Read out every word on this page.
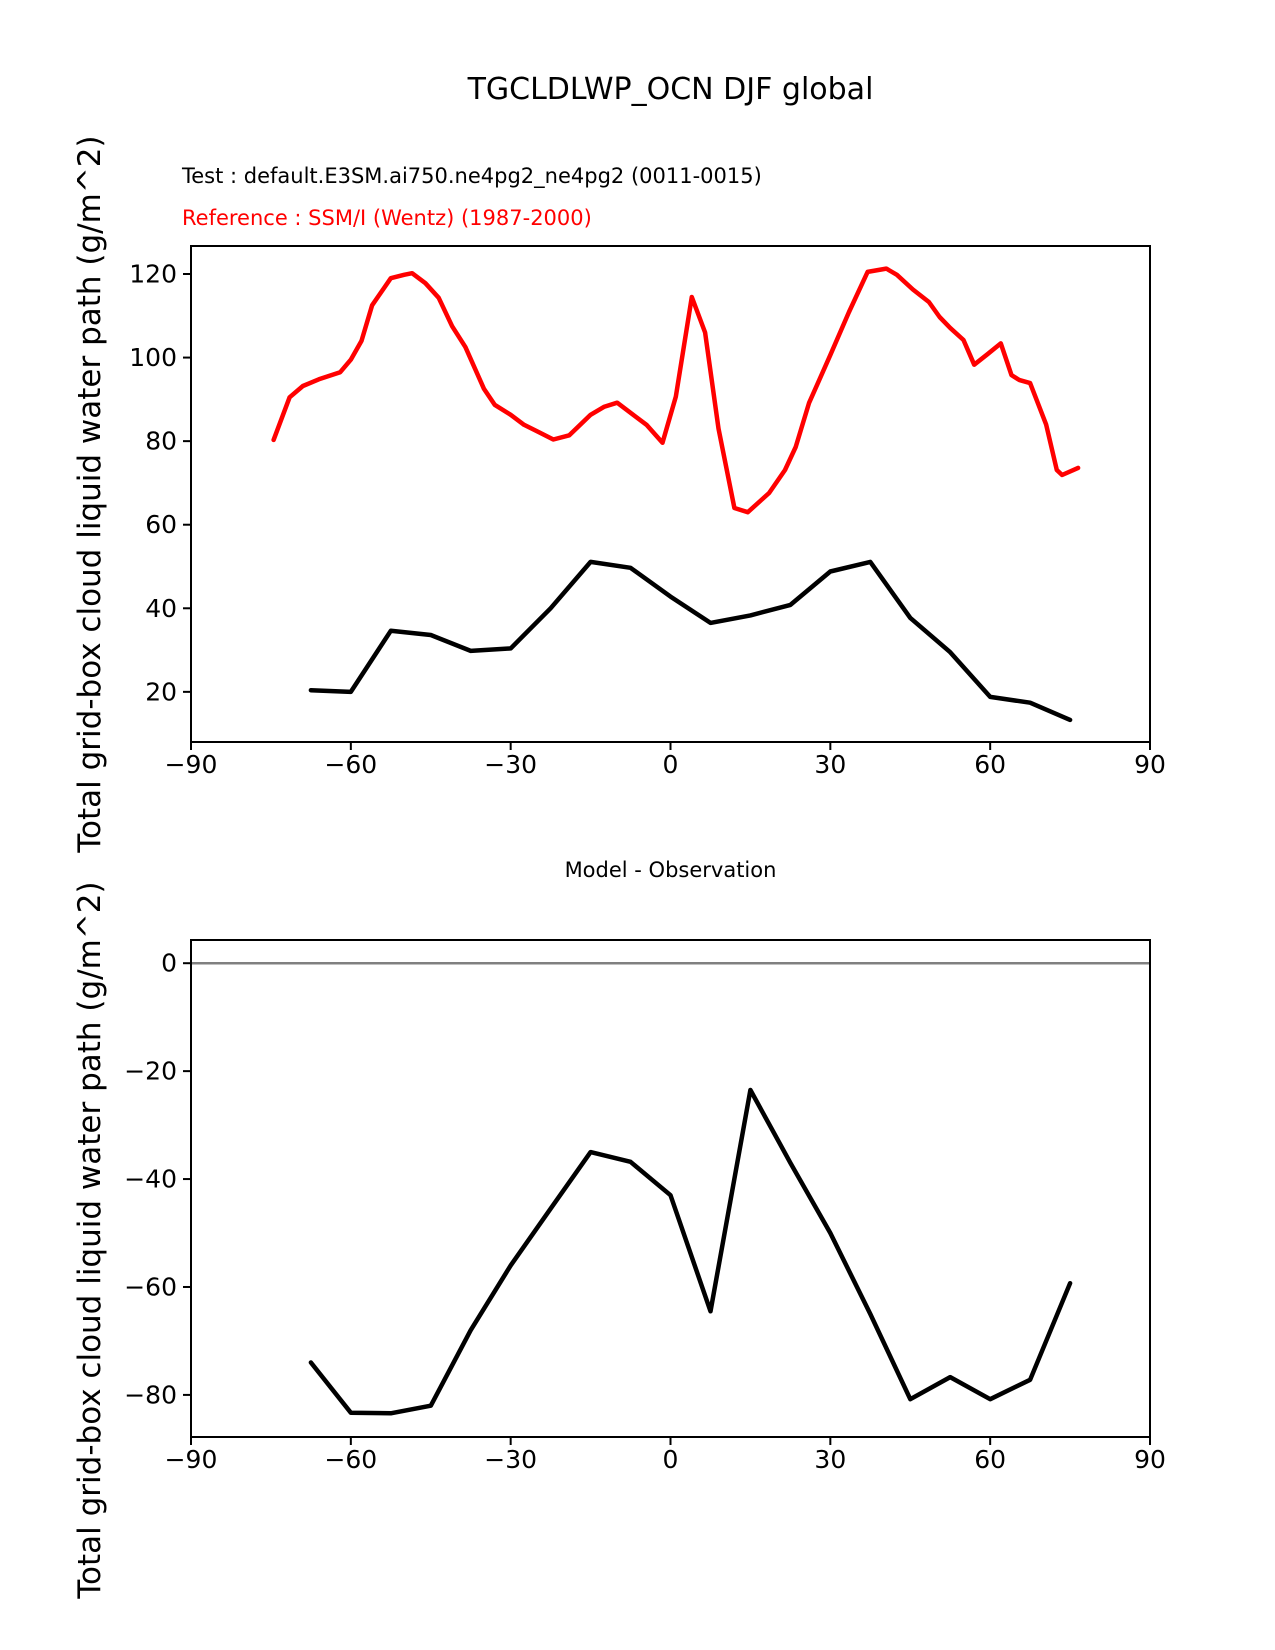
TGCLDLWP_OCN DJF global
Test : default.E3SM.ai750.ne4pg2_ne4pg2 (0011-0015)
Reference : SSM/I (Wentz) (1987-2000)
Model - Observation
Total grid-box cloud liquid water path (g/m^2)
Total grid-box cloud liquid water path (g/m^2)
−90	−60	−30	0	30	60	90
20
40
60
80
100
120
−90	−60	−30	0	30	60	90
0
−20
−40
−60
−80
